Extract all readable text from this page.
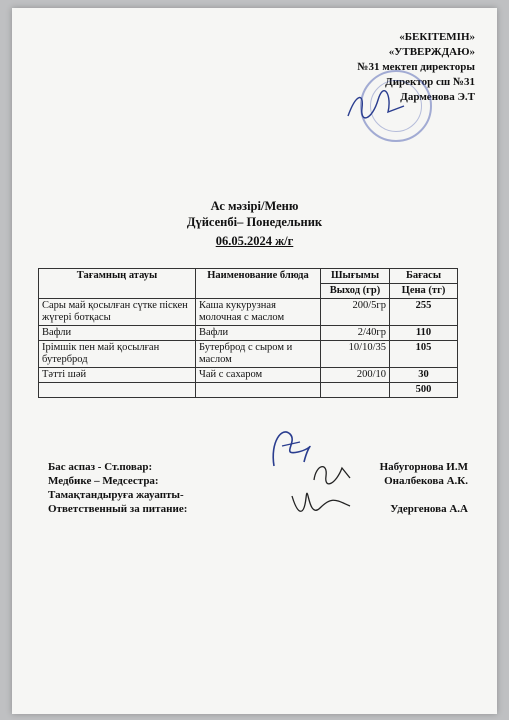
«БЕКІТЕМІН»
«УТВЕРЖДАЮ»
№31 мектеп директоры
Директор сш №31
Дарменова Э.Т
Ас мәзірі/Меню
Дүйсенбі– Понедельник
06.05.2024 ж/г
Тағамның атауы	Наименование блюда	Шығымы	Бағасы
		Выход (гр)	Цена (тг)
Сары май қосылған сүтке піскен жүгері ботқасы	Каша кукурузная молочная с маслом	200/5гр	255
Вафли	Вафли	2/40гр	110
Ірімшік пен май қосылған бутерброд	Бутерброд с сыром и маслом	10/10/35	105
Тәтті шәй	Чай с сахаром	200/10	30
			500
Бас аспаз - Ст.повар:	Набугорнова И.М
Медбике – Медсестра:	Оналбекова А.К.
Тамақтандыруға жауапты-
Ответственный за питание:	Удергенова А.А
